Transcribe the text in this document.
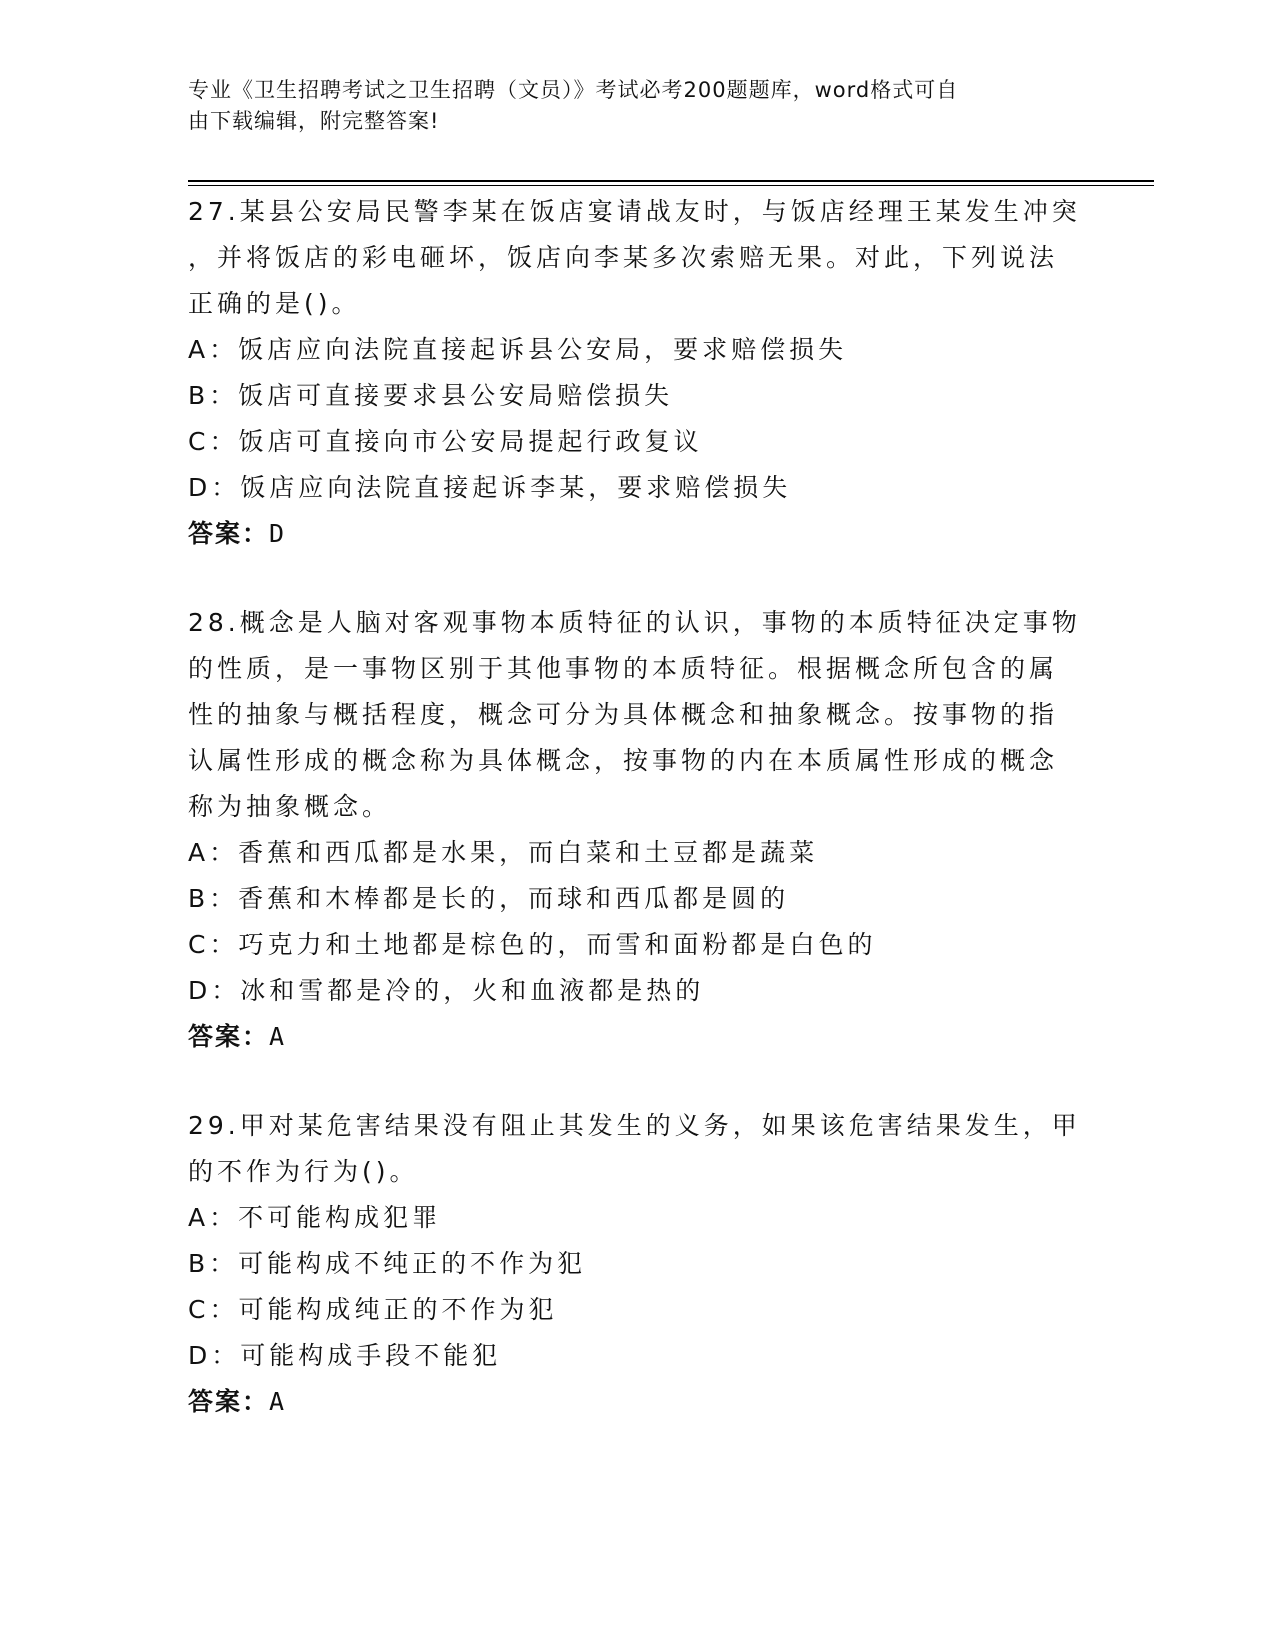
专业《卫生招聘考试之卫生招聘（文员）》考试必考200题题库，word格式可自
由下载编辑，附完整答案!

27.某县公安局民警李某在饭店宴请战友时，与饭店经理王某发生冲突

，并将饭店的彩电砸坏，饭店向李某多次索赔无果。对此，下列说法

正确的是()。

A：饭店应向法院直接起诉县公安局，要求赔偿损失

B：饭店可直接要求县公安局赔偿损失

C：饭店可直接向市公安局提起行政复议

D：饭店应向法院直接起诉李某，要求赔偿损失

答案：D

28.概念是人脑对客观事物本质特征的认识，事物的本质特征决定事物

的性质，是一事物区别于其他事物的本质特征。根据概念所包含的属

性的抽象与概括程度，概念可分为具体概念和抽象概念。按事物的指

认属性形成的概念称为具体概念，按事物的内在本质属性形成的概念

称为抽象概念。

A：香蕉和西瓜都是水果，而白菜和土豆都是蔬菜

B：香蕉和木棒都是长的，而球和西瓜都是圆的

C：巧克力和土地都是棕色的，而雪和面粉都是白色的

D：冰和雪都是冷的，火和血液都是热的

答案：A

29.甲对某危害结果没有阻止其发生的义务，如果该危害结果发生，甲

的不作为行为()。

A：不可能构成犯罪

B：可能构成不纯正的不作为犯

C：可能构成纯正的不作为犯

D：可能构成手段不能犯

答案：A
